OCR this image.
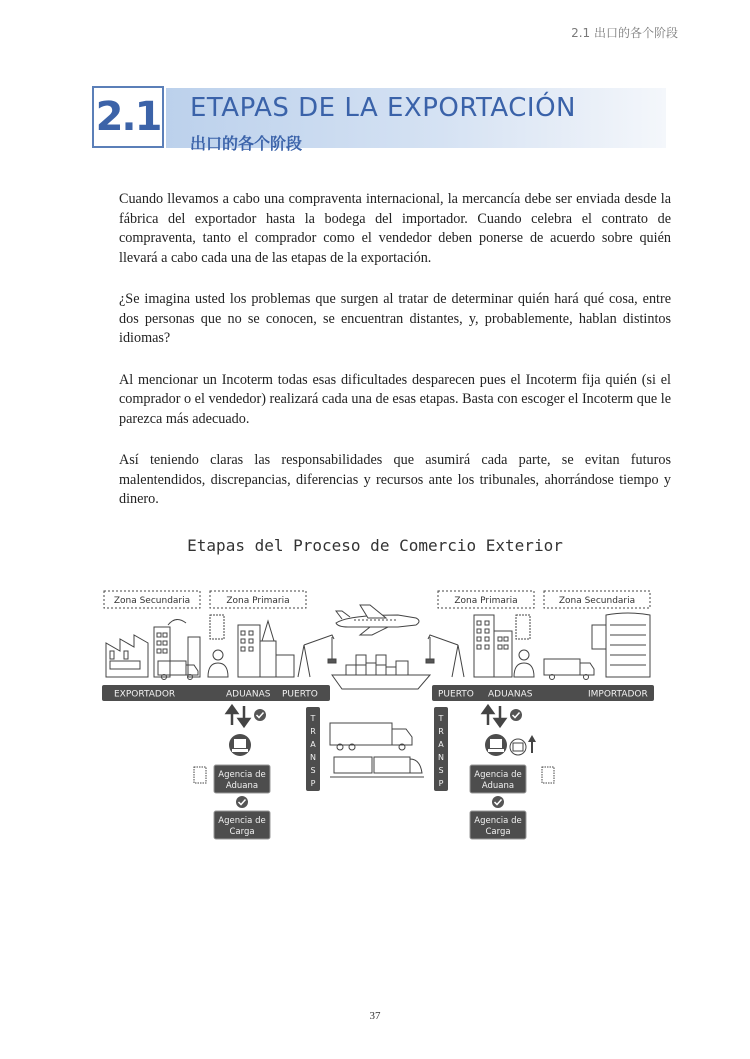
2.1 出口的各个阶段
2.1 ETAPAS DE LA EXPORTACIÓN
出口的各个阶段

Cuando llevamos a cabo una compraventa internacional, la mercancía debe ser enviada desde la fábrica del exportador hasta la bodega del importador. Cuando celebra el contrato de compraventa, tanto el comprador como el vendedor deben ponerse de acuerdo sobre quién llevará a cabo cada una de las etapas de la exportación.

¿Se imagina usted los problemas que surgen al tratar de determinar quién hará qué cosa, entre dos personas que no se conocen, se encuentran distantes, y, probablemente, hablan distintos idiomas?

Al mencionar un Incoterm todas esas dificultades desparecen pues el Incoterm fija quién (si el comprador o el vendedor) realizará cada una de esas etapas. Basta con escoger el Incoterm que le parezca más adecuado.

Así teniendo claras las responsabilidades que asumirá cada parte, se evitan futuros malentendidos, discrepancias, diferencias y recursos ante los tribunales, ahorrándose tiempo y dinero.

Etapas del Proceso de Comercio Exterior
Zona Secundaria	Zona Primaria	Zona Primaria	Zona Secundaria
EXPORTADOR	ADUANAS PUERTO	PUERTO ADUANAS	IMPORTADOR
T
R
A
N
S
P
T
R
A
N
S
P
Agencia de
Aduana
Agencia de
Carga
Agencia de
Aduana
Agencia de
Carga
37
